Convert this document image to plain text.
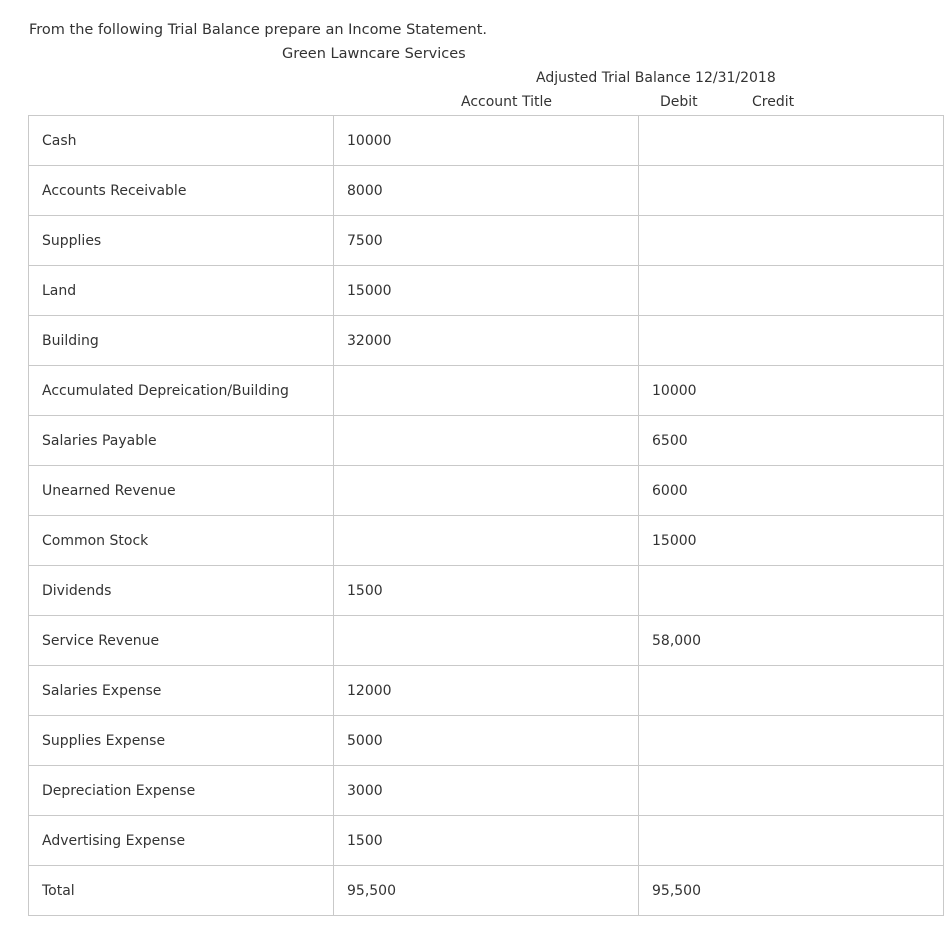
From the following Trial Balance prepare an Income Statement.
Green Lawncare Services
Adjusted Trial Balance 12/31/2018
Account Title	Debit	Credit
Cash	10000	
Accounts Receivable	8000	
Supplies	7500	
Land	15000	
Building	32000	
Accumulated Depreication/Building		10000
Salaries Payable		6500
Unearned Revenue		6000
Common Stock		15000
Dividends	1500	
Service Revenue		58,000
Salaries Expense	12000	
Supplies Expense	5000	
Depreciation Expense	3000	
Advertising Expense	1500	
Total	95,500	95,500
